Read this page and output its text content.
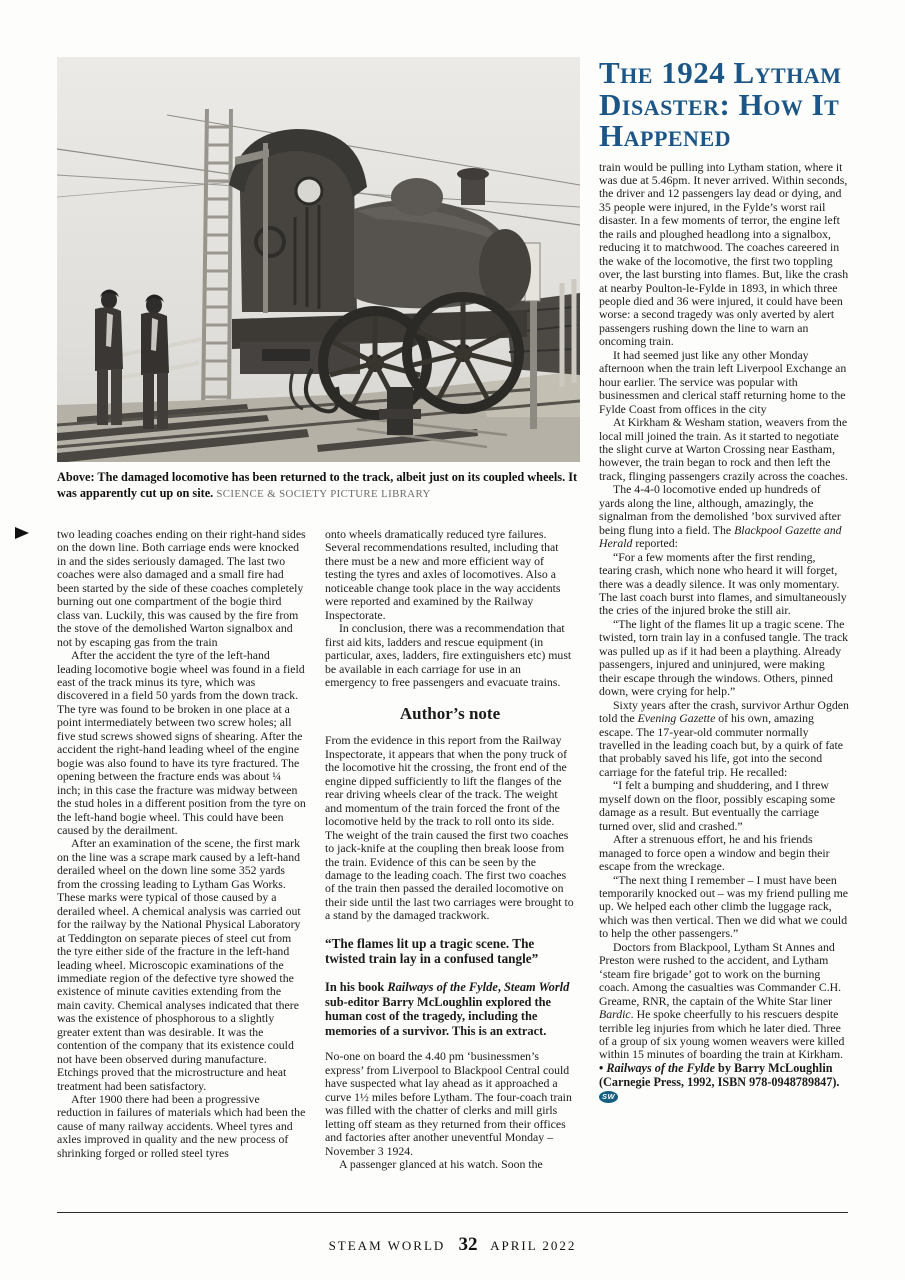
Above: The damaged locomotive has been returned to the track, albeit just on its coupled wheels. It was apparently cut up on site. SCIENCE & SOCIETY PICTURE LIBRARY

two leading coaches ending on their right-hand sides on the down line. Both carriage ends were knocked in and the sides seriously damaged. The last two coaches were also damaged and a small fire had been started by the side of these coaches completely burning out one compartment of the bogie third class van. Luckily, this was caused by the fire from the stove of the demolished Warton signalbox and not by escaping gas from the train

After the accident the tyre of the left-hand leading locomotive bogie wheel was found in a field east of the track minus its tyre, which was discovered in a field 50 yards from the down track. The tyre was found to be broken in one place at a point intermediately between two screw holes; all five stud screws showed signs of shearing. After the accident the right-hand leading wheel of the engine bogie was also found to have its tyre fractured. The opening between the fracture ends was about ¼ inch; in this case the fracture was midway between the stud holes in a different position from the tyre on the left-hand bogie wheel. This could have been caused by the derailment.

After an examination of the scene, the first mark on the line was a scrape mark caused by a left-hand derailed wheel on the down line some 352 yards from the crossing leading to Lytham Gas Works. These marks were typical of those caused by a derailed wheel. A chemical analysis was carried out for the railway by the National Physical Laboratory at Teddington on separate pieces of steel cut from the tyre either side of the fracture in the left-hand leading wheel. Microscopic examinations of the immediate region of the defective tyre showed the existence of minute cavities extending from the main cavity. Chemical analyses indicated that there was the existence of phosphorous to a slightly greater extent than was desirable. It was the contention of the company that its existence could not have been observed during manufacture. Etchings proved that the microstructure and heat treatment had been satisfactory.

After 1900 there had been a progressive reduction in failures of materials which had been the cause of many railway accidents. Wheel tyres and axles improved in quality and the new process of shrinking forged or rolled steel tyres

onto wheels dramatically reduced tyre failures. Several recommendations resulted, including that there must be a new and more efficient way of testing the tyres and axles of locomotives. Also a noticeable change took place in the way accidents were reported and examined by the Railway Inspectorate.

In conclusion, there was a recommendation that first aid kits, ladders and rescue equipment (in particular, axes, ladders, fire extinguishers etc) must be available in each carriage for use in an emergency to free passengers and evacuate trains.

Author’s note

From the evidence in this report from the Railway Inspectorate, it appears that when the pony truck of the locomotive hit the crossing, the front end of the engine dipped sufficiently to lift the flanges of the rear driving wheels clear of the track. The weight and momentum of the train forced the front of the locomotive held by the track to roll onto its side. The weight of the train caused the first two coaches to jack-knife at the coupling then break loose from the train. Evidence of this can be seen by the damage to the leading coach. The first two coaches of the train then passed the derailed locomotive on their side until the last two carriages were brought to a stand by the damaged trackwork.

“The flames lit up a tragic scene. The twisted train lay in a confused tangle”

In his book Railways of the Fylde, Steam World sub-editor Barry McLoughlin explored the human cost of the tragedy, including the memories of a survivor. This is an extract.

No-one on board the 4.40 pm ‘businessmen’s express’ from Liverpool to Blackpool Central could have suspected what lay ahead as it approached a curve 1½ miles before Lytham. The four-coach train was filled with the chatter of clerks and mill girls letting off steam as they returned from their offices and factories after another uneventful Monday – November 3 1924.

A passenger glanced at his watch. Soon the

The 1924 Lytham Disaster: How It Happened

train would be pulling into Lytham station, where it was due at 5.46pm. It never arrived. Within seconds, the driver and 12 passengers lay dead or dying, and 35 people were injured, in the Fylde’s worst rail disaster. In a few moments of terror, the engine left the rails and ploughed headlong into a signalbox, reducing it to matchwood. The coaches careered in the wake of the locomotive, the first two toppling over, the last bursting into flames. But, like the crash at nearby Poulton-le-Fylde in 1893, in which three people died and 36 were injured, it could have been worse: a second tragedy was only averted by alert passengers rushing down the line to warn an oncoming train.

It had seemed just like any other Monday afternoon when the train left Liverpool Exchange an hour earlier. The service was popular with businessmen and clerical staff returning home to the Fylde Coast from offices in the city

At Kirkham & Wesham station, weavers from the local mill joined the train. As it started to negotiate the slight curve at Warton Crossing near Eastham, however, the train began to rock and then left the track, flinging passengers crazily across the coaches.

The 4-4-0 locomotive ended up hundreds of yards along the line, although, amazingly, the signalman from the demolished ’box survived after being flung into a field. The Blackpool Gazette and Herald reported:

“For a few moments after the first rending, tearing crash, which none who heard it will forget, there was a deadly silence. It was only momentary. The last coach burst into flames, and simultaneously the cries of the injured broke the still air.

“The light of the flames lit up a tragic scene. The twisted, torn train lay in a confused tangle. The track was pulled up as if it had been a plaything. Already passengers, injured and uninjured, were making their escape through the windows. Others, pinned down, were crying for help.”

Sixty years after the crash, survivor Arthur Ogden told the Evening Gazette of his own, amazing escape. The 17-year-old commuter normally travelled in the leading coach but, by a quirk of fate that probably saved his life, got into the second carriage for the fateful trip. He recalled:

“I felt a bumping and shuddering, and I threw myself down on the floor, possibly escaping some damage as a result. But eventually the carriage turned over, slid and crashed.”

After a strenuous effort, he and his friends managed to force open a window and begin their escape from the wreckage.

“The next thing I remember – I must have been temporarily knocked out – was my friend pulling me up. We helped each other climb the luggage rack, which was then vertical. Then we did what we could to help the other passengers.”

Doctors from Blackpool, Lytham St Annes and Preston were rushed to the accident, and Lytham ‘steam fire brigade’ got to work on the burning coach. Among the casualties was Commander C.H. Greame, RNR, the captain of the White Star liner Bardic. He spoke cheerfully to his rescuers despite terrible leg injuries from which he later died. Three of a group of six young women weavers were killed within 15 minutes of boarding the train at Kirkham.

• Railways of the Fylde by Barry McLoughlin (Carnegie Press, 1992, ISBN 978-0948789847). SW

STEAM WORLD 32 APRIL 2022
